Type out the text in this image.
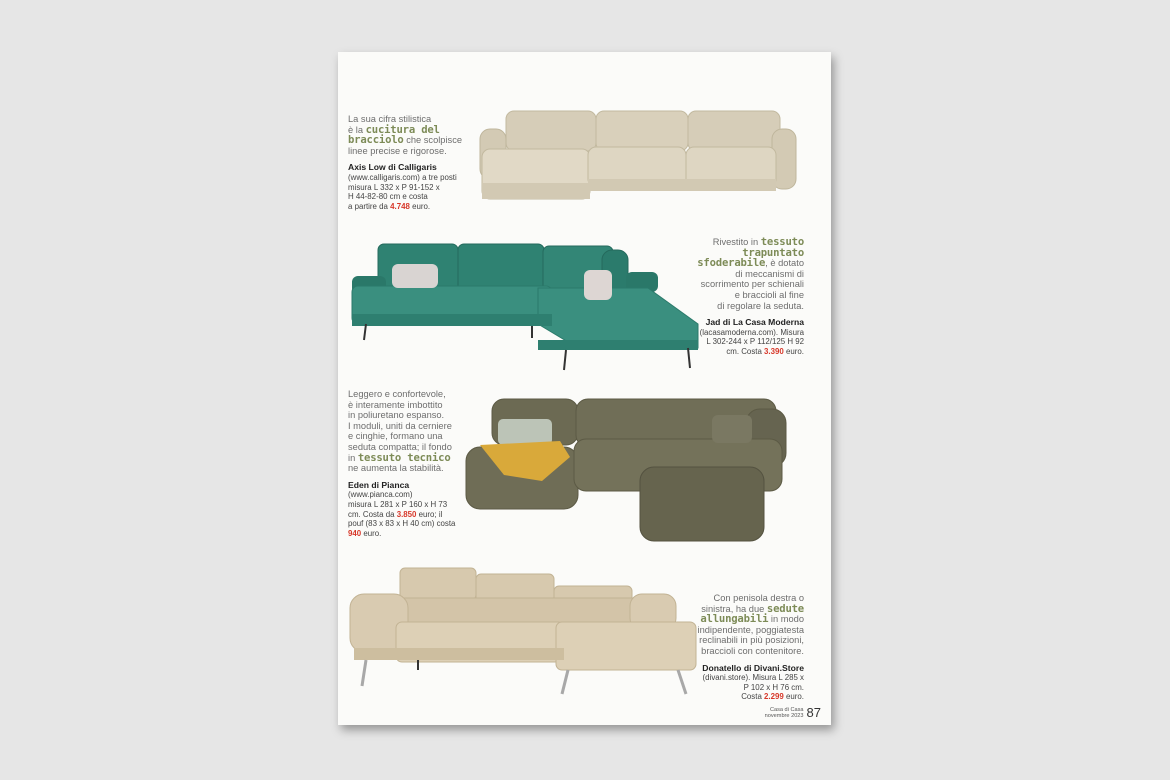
La sua cifra stilistica
è la cucitura del
bracciolo che scolpisce
linee precise e rigorose.
Axis Low di Calligaris
(www.calligaris.com) a tre posti
misura L 332 x P 91-152 x
H 44-82-80 cm e costa
a partire da 4.748 euro.
Rivestito in tessuto
trapuntato
sfoderabile, è dotato
di meccanismi di
scorrimento per schienali
e braccioli al fine
di regolare la seduta.
Jad di La Casa Moderna
(lacasamoderna.com). Misura
L 302-244 x P 112/125 H 92
cm. Costa 3.390 euro.
Leggero e confortevole,
è interamente imbottito
in poliuretano espanso.
I moduli, uniti da cerniere
e cinghie, formano una
seduta compatta; il fondo
in tessuto tecnico
ne aumenta la stabilità.
Eden di Pianca
(www.pianca.com)
misura L 281 x P 160 x H 73
cm. Costa da 3.850 euro; il
pouf (83 x 83 x H 40 cm) costa
940 euro.
Con penisola destra o
sinistra, ha due sedute
allungabili in modo
indipendente, poggiatesta
reclinabili in più posizioni,
braccioli con contenitore.
Donatello di Divani.Store
(divani.store). Misura L 285 x
P 102 x H 76 cm.
Costa 2.299 euro.
Casa di Casa
novembre 2023 87
